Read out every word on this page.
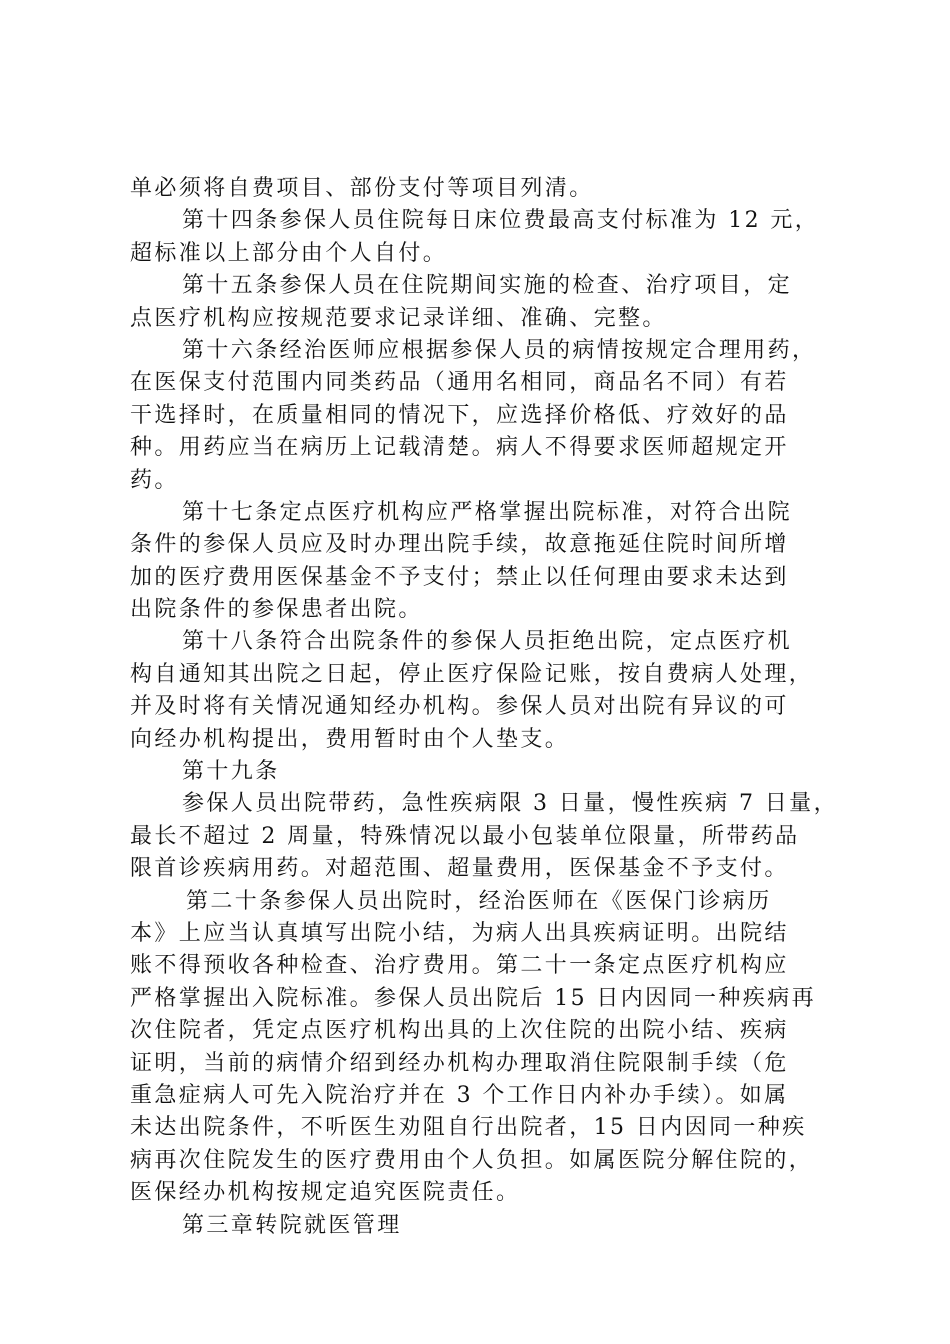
单必须将自费项目、部份支付等项目列清。
第十四条参保人员住院每日床位费最高支付标准为 12 元，
超标准以上部分由个人自付。
第十五条参保人员在住院期间实施的检查、治疗项目，定
点医疗机构应按规范要求记录详细、准确、完整。
第十六条经治医师应根据参保人员的病情按规定合理用药，
在医保支付范围内同类药品（通用名相同，商品名不同）有若
干选择时，在质量相同的情况下，应选择价格低、疗效好的品
种。用药应当在病历上记载清楚。病人不得要求医师超规定开
药。
第十七条定点医疗机构应严格掌握出院标准，对符合出院
条件的参保人员应及时办理出院手续，故意拖延住院时间所增
加的医疗费用医保基金不予支付；禁止以任何理由要求未达到
出院条件的参保患者出院。
第十八条符合出院条件的参保人员拒绝出院，定点医疗机
构自通知其出院之日起，停止医疗保险记账，按自费病人处理，
并及时将有关情况通知经办机构。参保人员对出院有异议的可
向经办机构提出，费用暂时由个人垫支。
第十九条
参保人员出院带药，急性疾病限 3 日量，慢性疾病 7 日量，
最长不超过 2 周量，特殊情况以最小包装单位限量，所带药品
限首诊疾病用药。对超范围、超量费用，医保基金不予支付。
第二十条参保人员出院时，经治医师在《医保门诊病历
本》上应当认真填写出院小结，为病人出具疾病证明。出院结
账不得预收各种检查、治疗费用。第二十一条定点医疗机构应
严格掌握出入院标准。参保人员出院后 15 日内因同一种疾病再
次住院者，凭定点医疗机构出具的上次住院的出院小结、疾病
证明，当前的病情介绍到经办机构办理取消住院限制手续（危
重急症病人可先入院治疗并在 3 个工作日内补办手续）。如属
未达出院条件，不听医生劝阻自行出院者，15 日内因同一种疾
病再次住院发生的医疗费用由个人负担。如属医院分解住院的，
医保经办机构按规定追究医院责任。
第三章转院就医管理
